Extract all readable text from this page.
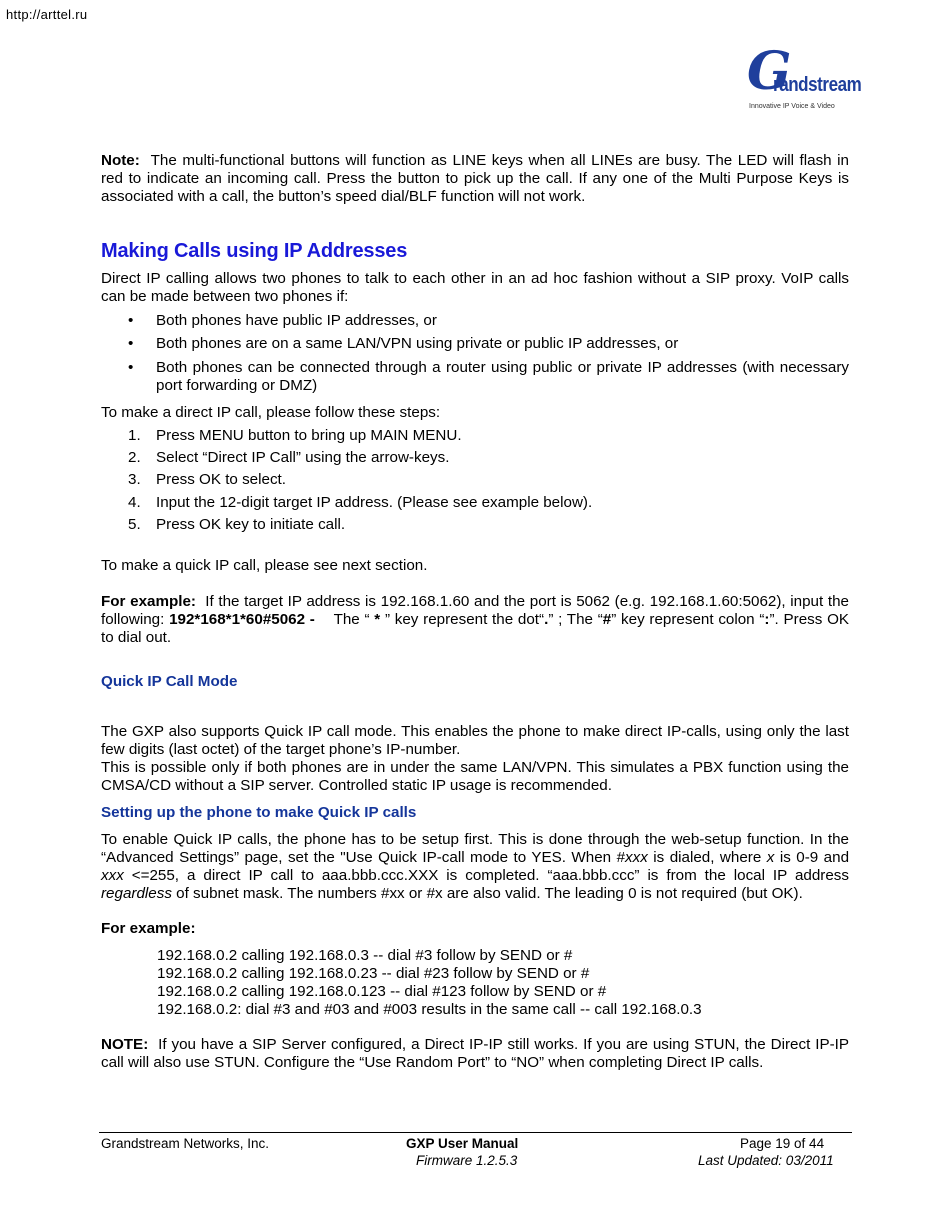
http://arttel.ru
G
randstream
Innovative IP Voice & Video

Note: The multi-functional buttons will function as LINE keys when all LINEs are busy. The LED will flash in red to indicate an incoming call. Press the button to pick up the call. If any one of the Multi Purpose Keys is associated with a call, the button’s speed dial/BLF function will not work.

Making Calls using IP Addresses

Direct IP calling allows two phones to talk to each other in an ad hoc fashion without a SIP proxy. VoIP calls can be made between two phones if:

• Both phones have public IP addresses, or
• Both phones are on a same LAN/VPN using private or public IP addresses, or
• Both phones can be connected through a router using public or private IP addresses (with necessary port forwarding or DMZ)

To make a direct IP call, please follow these steps:

1. Press MENU button to bring up MAIN MENU.
2. Select “Direct IP Call” using the arrow-keys.
3. Press OK to select.
4. Input the 12-digit target IP address. (Please see example below).
5. Press OK key to initiate call.

To make a quick IP call, please see next section.

For example: If the target IP address is 192.168.1.60 and the port is 5062 (e.g. 192.168.1.60:5062), input the following: 192*168*1*60#5062 - The “ * ” key represent the dot“.” ; The “#” key represent colon “:”. Press OK to dial out.

Quick IP Call Mode

The GXP also supports Quick IP call mode. This enables the phone to make direct IP-calls, using only the last few digits (last octet) of the target phone’s IP-number.

This is possible only if both phones are in under the same LAN/VPN. This simulates a PBX function using the CMSA/CD without a SIP server. Controlled static IP usage is recommended.

Setting up the phone to make Quick IP calls

To enable Quick IP calls, the phone has to be setup first. This is done through the web-setup function. In the “Advanced Settings” page, set the "Use Quick IP-call mode to YES. When #xxx is dialed, where x is 0-9 and xxx <=255, a direct IP call to aaa.bbb.ccc.XXX is completed. “aaa.bbb.ccc” is from the local IP address regardless of subnet mask. The numbers #xx or #x are also valid. The leading 0 is not required (but OK).

For example:
192.168.0.2 calling 192.168.0.3 -- dial #3 follow by SEND or #
192.168.0.2 calling 192.168.0.23 -- dial #23 follow by SEND or #
192.168.0.2 calling 192.168.0.123 -- dial #123 follow by SEND or #
192.168.0.2: dial #3 and #03 and #003 results in the same call -- call 192.168.0.3

NOTE: If you have a SIP Server configured, a Direct IP-IP still works. If you are using STUN, the Direct IP-IP call will also use STUN. Configure the “Use Random Port” to “NO” when completing Direct IP calls.

Grandstream Networks, Inc.	GXP User Manual
Firmware 1.2.5.3
Page 19 of 44
Last Updated: 03/2011
